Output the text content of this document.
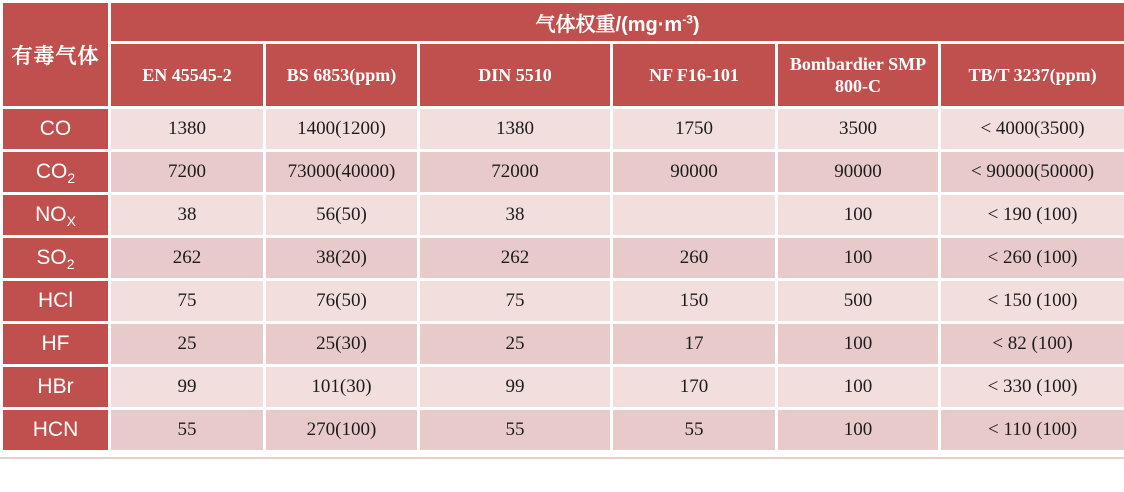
有毒气体	气体权重$/(mg\cdot m^{-3})$					
	EN 45545-2	BS 6853(ppm)	DIN 5510	NF F16-101	Bombardier SMP 800-C	TB/T 3237(ppm)
CO	1380	1400(1200)	1380	1750	3500	< 4000(3500)
$CO_2$	7200	73000(40000)	72000	90000	90000	< 90000(50000)
$NO_X$	38	56(50)	38		100	< 190 (100)
$SO_2$	262	38(20)	262	260	100	< 260 (100)
HCl	75	76(50)	75	150	500	< 150 (100)
HF	25	25(30)	25	17	100	< 82 (100)
HBr	99	101(30)	99	170	100	< 330 (100)
HCN	55	270(100)	55	55	100	< 110 (100)
